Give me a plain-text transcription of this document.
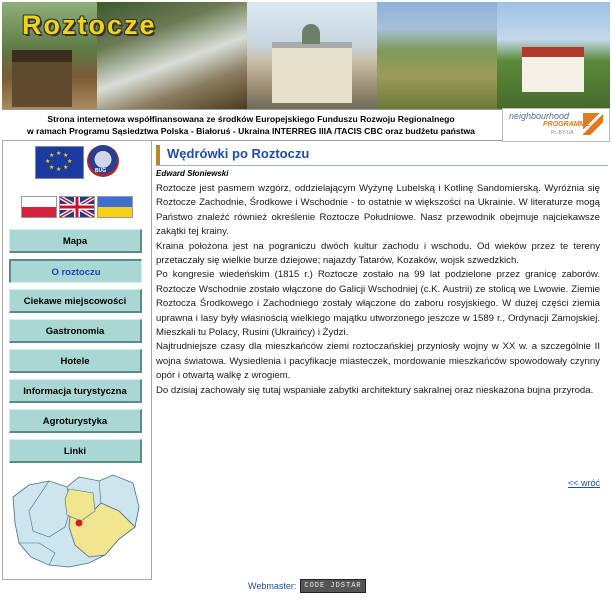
Roztocze
Strona internetowa współfinansowana ze środków Europejskiego Funduszu Rozwoju Regionalnego
w ramach Programu Sąsiedztwa Polska - Białoruś - Ukraina INTERREG IIIA /TACIS CBC oraz budżetu państwa
neighbourhood
PROGRAMME
PL-BY-UA
★ ★
★
★
★
★
★
★
BUG
Mapa
O roztoczu
Ciekawe miejscowości
Gastronomia
Hotele
Informacja turystyczna
Agroturystyka
Linki
Wędrówki po Roztoczu
Edward Słoniewski

Roztocze jest pasmem wzgórz, oddzielającym Wyżynę Lubelską i Kotlinę Sandomierską. Wyróżnia się Roztocze Zachodnie, Środkowe i Wschodnie - to ostatnie w większości na Ukrainie. W literaturze mogą Państwo znaleźć również określenie Roztocze Południowe. Nasz przewodnik obejmuje najciekawsze zakątki tej krainy.

Kraina położona jest na pograniczu dwóch kultur zachodu i wschodu. Od wieków przez te tereny przetaczały się wielkie burze dziejowe; najazdy Tatarów, Kozaków, wojsk szwedzkich.

Po kongresie wiedeńskim (1815 r.) Roztocze zostało na 99 lat podzielone przez granicę zaborów. Roztocze Wschodnie zostało włączone do Galicji Wschodniej (c.K. Austrii) ze stolicą we Lwowie. Ziemie Roztocza Środkowego i Zachodniego zostały włączone do zaboru rosyjskiego. W dużej części ziemia uprawna i lasy były własnością wielkiego majątku utworzonego jeszcze w 1589 r., Ordynacji Zamojskiej. Mieszkali tu Polacy, Rusini (Ukraińcy) i Żydzi.

Najtrudniejsze czasy dla mieszkańców ziemi roztoczańskiej przyniosły wojny w XX w. a szczególnie II wojna światowa. Wysiedlenia i pacyfikacje miasteczek, mordowanie mieszkańców spowodowały czynny opór i otwartą walkę z wrogiem.

Do dzisiaj zachowały się tutaj wspaniałe zabytki architektury sakralnej oraz nieskażona bujna przyroda.

<< wróć
Webmaster:	CODE JDSTAR
